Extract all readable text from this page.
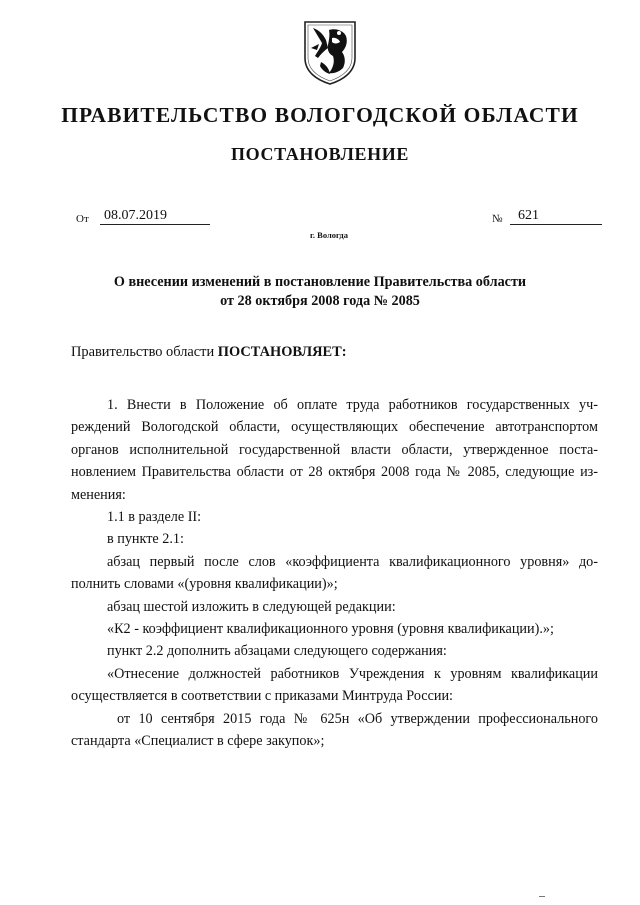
ПРАВИТЕЛЬСТВО ВОЛОГОДСКОЙ ОБЛАСТИ
ПОСТАНОВЛЕНИЕ
От 08.07.2019	№	621
г. Вологда
О внесении изменений в постановление Правительства области
от 28 октября 2008 года № 2085
Правительство области ПОСТАНОВЛЯЕТ:
1. Внести в Положение об оплате труда работников государственных уч-
реждений Вологодской области, осуществляющих обеспечение автотранспортом
органов исполнительной государственной власти области, утвержденное поста-
новлением Правительства области от 28 октября 2008 года № 2085, следующие из-
менения:
1.1 в разделе II:
в пункте 2.1:
абзац первый после слов «коэффициента квалификационного уровня» до-
полнить словами «(уровня квалификации)»;
абзац шестой изложить в следующей редакции:
«К2 - коэффициент квалификационного уровня (уровня квалификации).»;
пункт 2.2 дополнить абзацами следующего содержания:
«Отнесение должностей работников Учреждения к уровням квалификации
осуществляется в соответствии с приказами Минтруда России:
от 10 сентября 2015 года № 625н «Об утверждении профессионального
стандарта «Специалист в сфере закупок»;
